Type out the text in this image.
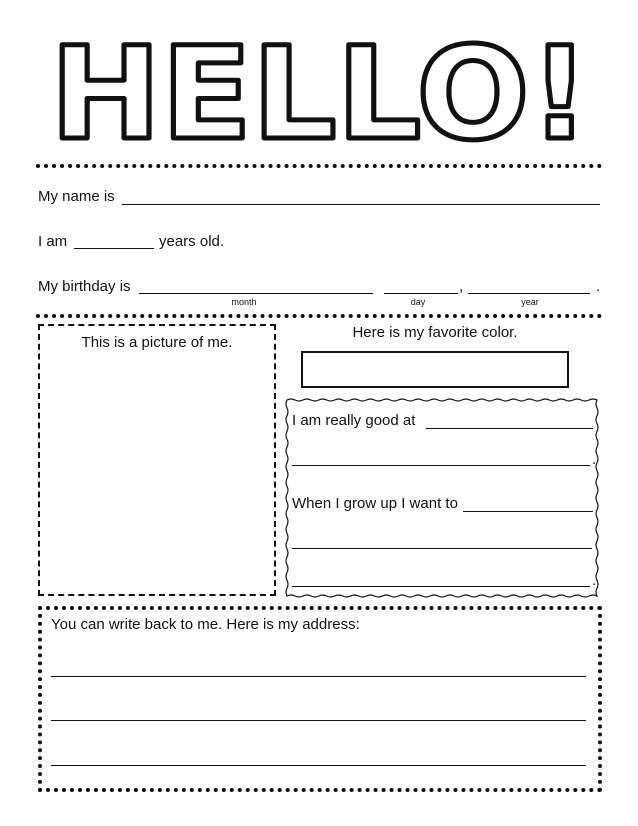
HELLO!
My name is
I am	years old.
My birthday is	,	.
month	day	year
This is a picture of me.
Here is my favorite color.
I am really good at
.
When I grow up I want to
.
You can write back to me. Here is my address:
